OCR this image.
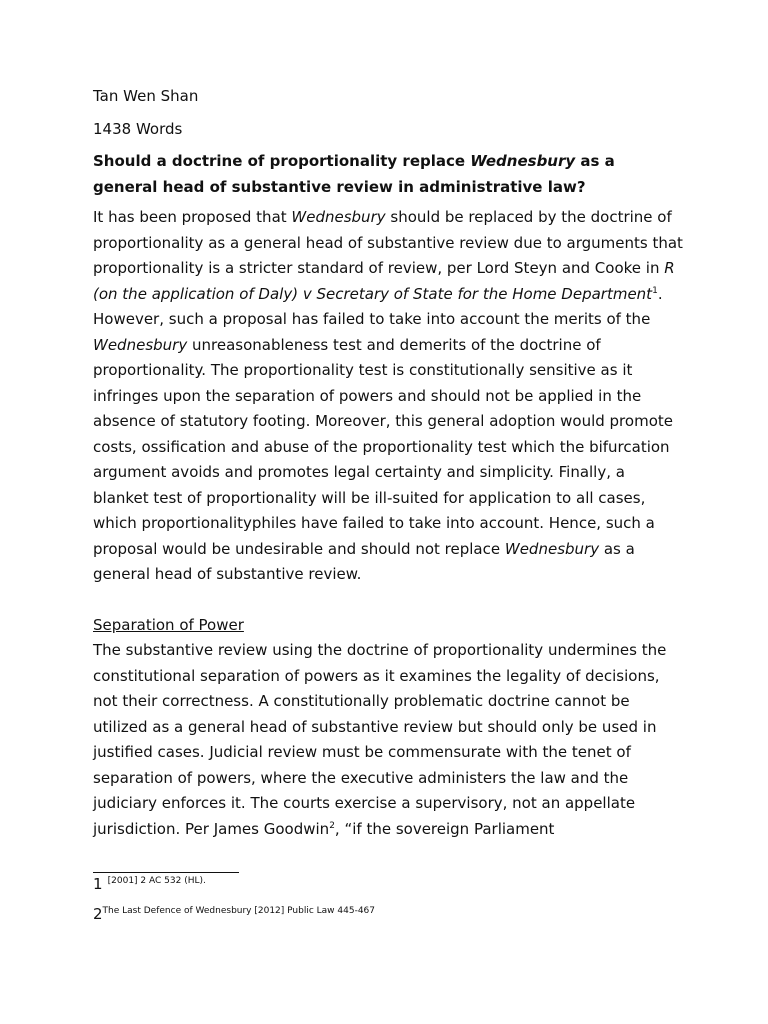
Tan Wen Shan

1438 Words

Should a doctrine of proportionality replace Wednesbury as a general head of substantive review in administrative law?

It has been proposed that Wednesbury should be replaced by the doctrine of proportionality as a general head of substantive review due to arguments that proportionality is a stricter standard of review, per Lord Steyn and Cooke in R (on the application of Daly) v Secretary of State for the Home Department$^1$. However, such a proposal has failed to take into account the merits of the Wednesbury unreasonableness test and demerits of the doctrine of proportionality. The proportionality test is constitutionally sensitive as it infringes upon the separation of powers and should not be applied in the absence of statutory footing. Moreover, this general adoption would promote costs, ossification and abuse of the proportionality test which the bifurcation argument avoids and promotes legal certainty and simplicity. Finally, a blanket test of proportionality will be ill-suited for application to all cases, which proportionalityphiles have failed to take into account. Hence, such a proposal would be undesirable and should not replace Wednesbury as a general head of substantive review.

Separation of Power

The substantive review using the doctrine of proportionality undermines the constitutional separation of powers as it examines the legality of decisions, not their correctness. A constitutionally problematic doctrine cannot be utilized as a general head of substantive review but should only be used in justified cases. Judicial review must be commensurate with the tenet of separation of powers, where the executive administers the law and the judiciary enforces it. The courts exercise a supervisory, not an appellate jurisdiction. Per James Goodwin$^2$, “if the sovereign Parliament

1 $^{[2001] 2 AC 532 (HL).}$
$2^{The Last Defence of Wednesbury [2012] Public Law 445-467}$
